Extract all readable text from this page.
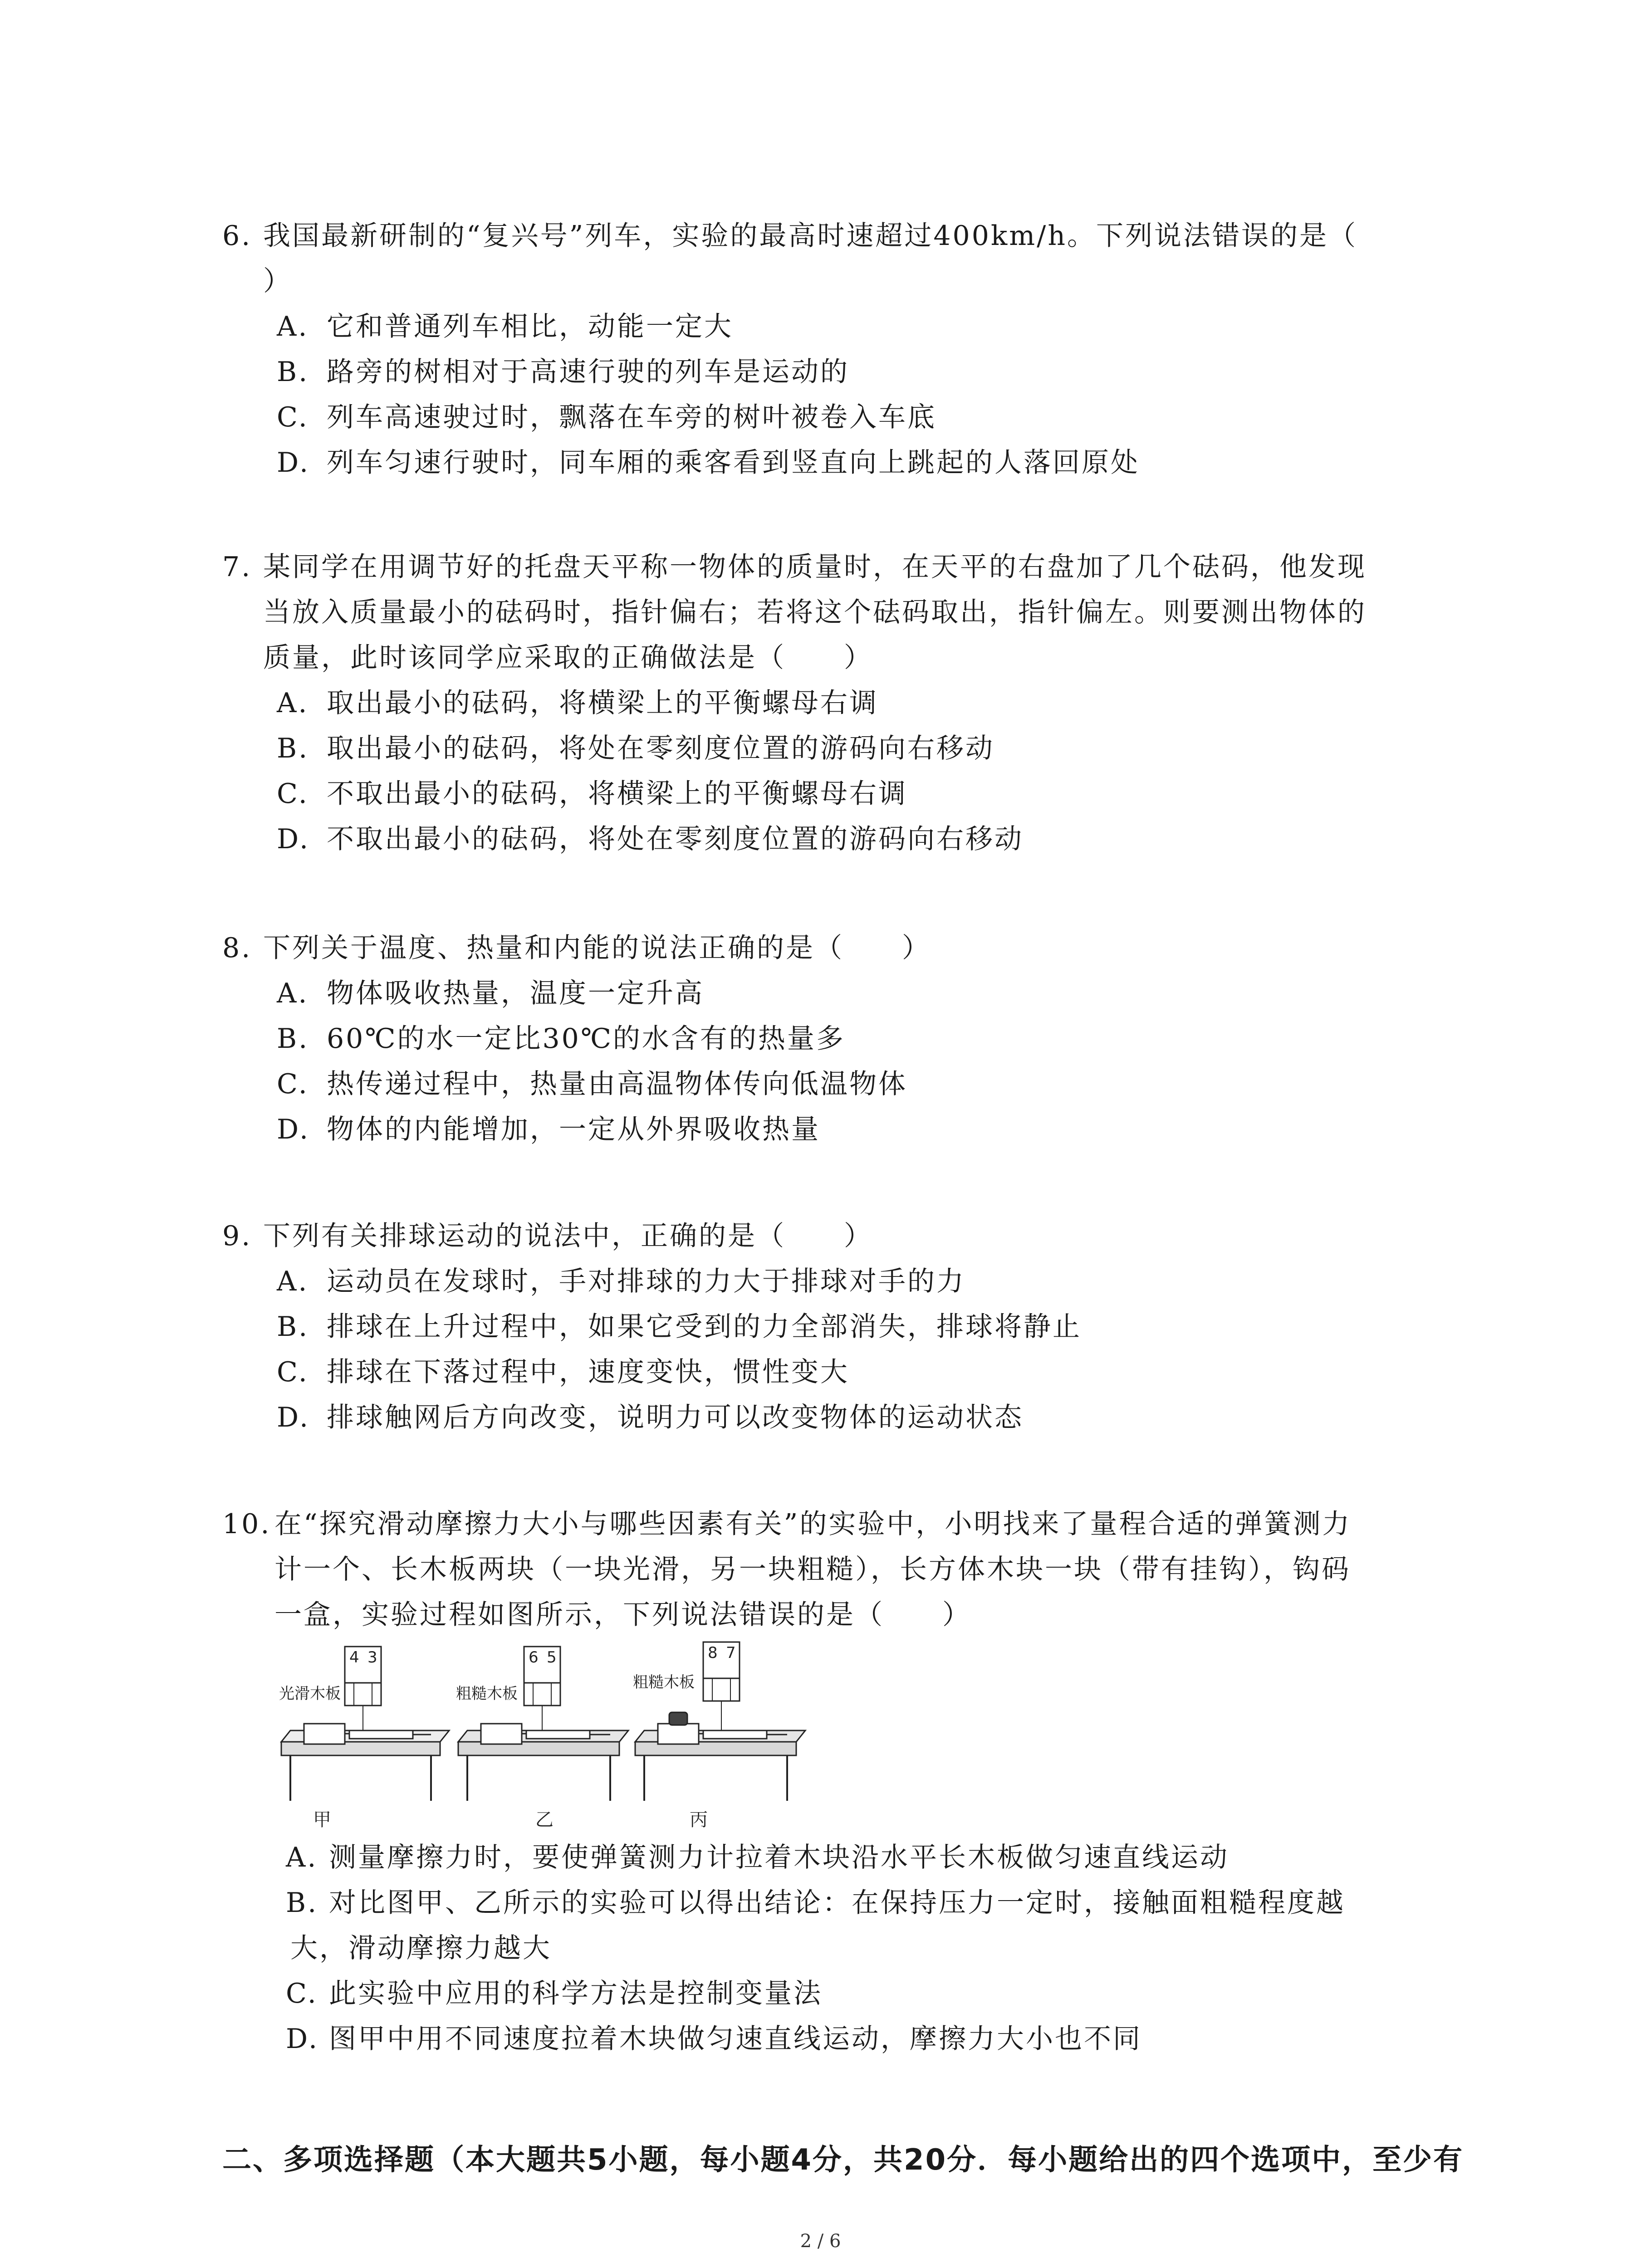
6. 我国最新研制的“复兴号”列车，实验的最高时速超过400km/h。下列说法错误的是（
）
A. 它和普通列车相比，动能一定大
B. 路旁的树相对于高速行驶的列车是运动的
C. 列车高速驶过时，飘落在车旁的树叶被卷入车底
D. 列车匀速行驶时，同车厢的乘客看到竖直向上跳起的人落回原处
7. 某同学在用调节好的托盘天平称一物体的质量时，在天平的右盘加了几个砝码，他发现
当放入质量最小的砝码时，指针偏右；若将这个砝码取出，指针偏左。则要测出物体的
质量，此时该同学应采取的正确做法是（　　）
A. 取出最小的砝码，将横梁上的平衡螺母右调
B. 取出最小的砝码，将处在零刻度位置的游码向右移动
C. 不取出最小的砝码，将横梁上的平衡螺母右调
D. 不取出最小的砝码，将处在零刻度位置的游码向右移动
8. 下列关于温度、热量和内能的说法正确的是（　　）
A. 物体吸收热量，温度一定升高
B. 60℃的水一定比30℃的水含有的热量多
C. 热传递过程中，热量由高温物体传向低温物体
D. 物体的内能增加，一定从外界吸收热量
9. 下列有关排球运动的说法中，正确的是（　　）
A. 运动员在发球时，手对排球的力大于排球对手的力
B. 排球在上升过程中，如果它受到的力全部消失，排球将静止
C. 排球在下落过程中，速度变快，惯性变大
D. 排球触网后方向改变，说明力可以改变物体的运动状态
10. 在“探究滑动摩擦力大小与哪些因素有关”的实验中，小明找来了量程合适的弹簧测力
计一个、长木板两块（一块光滑，另一块粗糙），长方体木块一块（带有挂钩），钩码
一盒，实验过程如图所示，下列说法错误的是（　　）
光滑木板
4 3
甲
粗糙木板
6 5
乙
粗糙木板
8 7
丙
A. 测量摩擦力时，要使弹簧测力计拉着木块沿水平长木板做匀速直线运动
B. 对比图甲、乙所示的实验可以得出结论：在保持压力一定时，接触面粗糙程度越
大，滑动摩擦力越大
C. 此实验中应用的科学方法是控制变量法
D. 图甲中用不同速度拉着木块做匀速直线运动，摩擦力大小也不同
二、多项选择题（本大题共5小题，每小题4分，共20分．每小题给出的四个选项中，至少有
2 / 6
